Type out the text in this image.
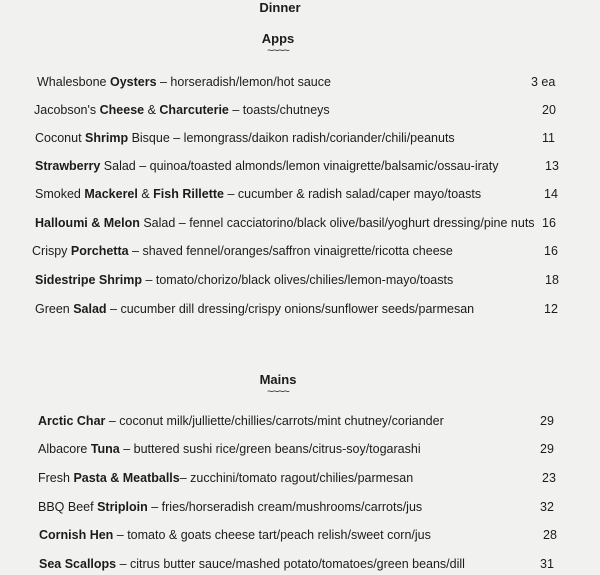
Dinner
Apps
~~~~
Whalesbone Oysters – horseradish/lemon/hot sauce	3 ea
Jacobson's Cheese & Charcuterie – toasts/chutneys	20
Coconut Shrimp Bisque – lemongrass/daikon radish/coriander/chili/peanuts	11
Strawberry Salad – quinoa/toasted almonds/lemon vinaigrette/balsamic/ossau-iraty	13
Smoked Mackerel & Fish Rillette – cucumber & radish salad/caper mayo/toasts	14
Halloumi & Melon Salad – fennel cacciatorino/black olive/basil/yoghurt dressing/pine nuts 16
Crispy Porchetta – shaved fennel/oranges/saffron vinaigrette/ricotta cheese	16
Sidestripe Shrimp – tomato/chorizo/black olives/chilies/lemon-mayo/toasts	18
Green Salad – cucumber dill dressing/crispy onions/sunflower seeds/parmesan	12
Mains
~~~~
Arctic Char – coconut milk/julliette/chillies/carrots/mint chutney/coriander	29
Albacore Tuna – buttered sushi rice/green beans/citrus-soy/togarashi	29
Fresh Pasta & Meatballs– zucchini/tomato ragout/chilies/parmesan	23
BBQ Beef Striploin – fries/horseradish cream/mushrooms/carrots/jus	32
Cornish Hen – tomato & goats cheese tart/peach relish/sweet corn/jus	28
Sea Scallops – citrus butter sauce/mashed potato/tomatoes/green beans/dill	31
